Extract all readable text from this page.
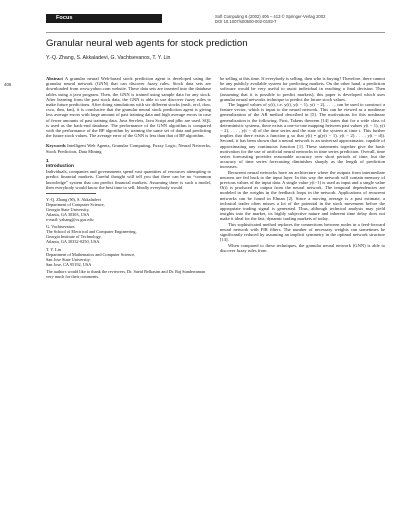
Focus	Soft Computing 6 (2002) 406 – 413 © Springer-Verlag 2002
DOI 10.1007/s00500-002-0193-7
Granular neural web agents for stock prediction
Y.-Q. Zhang, S. Akkaladevi, G. Vachtsevanos, T. Y. Lin
406

Abstract A granular neural Web-based stock prediction agent is developed using the granular neural network (GNN) that can discover fuzzy rules. Stock data sets are downloaded from www.yahoo.com website. These data sets are inserted into the database tables using a java program. Then, the GNN is trained using sample data for any stock. After learning from the past stock data, the GNN is able to use discover fuzzy rules to make future predictions. After doing simulations with six different stocks (msft, orcl, dow, csco, ibm, km), it is conclusive that the granular neural stock prediction agent is giving less average errors with large amount of past training data and high average errors in case of fewer amounts of past training data. Java Servlets, Java Script and jdbc are used. SQL is used as the back-end database. The performance of the GNN algorithm is compared with the performance of the BP algorithm by training the same set of data and predicting the future stock values. The average error of the GNN is less than that of BP algorithm.

Keywords Intelligent Web Agents, Granular Computing, Fuzzy Logic, Neural Networks, Stock Prediction, Data Mining

1
Introduction

Individuals, companies and governments spend vast quantities of resources attempting to predict financial markets. Careful thought will tell you that there can be no “common knowledge” system that can predict financial markets. Assuming there is such a model, then everybody would know the best time to sell. Ideally everybody would

Y.-Q. Zhang (✉), S. Akkaladevi
Department of Computer Science,
Georgia State University,
Atlanta, GA 30303, USA
e-mail: yzhang@cs.gsu.edu
G. Vachtsevanos
The School of Electrical and Computer Engineering,
Georgia Institute of Technology,
Atlanta, GA 30332-0250, USA
T. Y. Lin
Department of Mathematics and Computer Science,
San Jose State University,
San Jose, CA 95192, USA
The authors would like to thank the reviewers, Dr. Saeid Belkasim and Dr. Raj Sunderraman very much for their comments.

be selling at this time. If everybody is selling, then who is buying? Therefore, there cannot be any publicly available system for predicting markets. On the other hand, a prediction software would be very useful to assist individual in reaching a final decision. Then (assuming that it is possible to predict markets), this paper is developed which uses granular neural networks technique to predict the future stock values.

The lagged values of y(t), i.e. y(t), y(t − 1), y(t − 2), . . . , can be used to construct a feature vector, which is input to the neural network. This can be viewed as a nonlinear generalization of the AR method described in [5]. The motivations for this nonlinear generalization is the following. First, Takens theorem [14] states that for a wide class of deterministic systems, there exists a one-to-one mapping between past values y(t − 1), y(t − 2), . . . , y(t − d) of the time series and the state of the system at time t. This further implies that there exists a function g so that y(t) = g(y(t − 1), y(t − 2) . . . , y(t − d)). Second, it has been shown that a neural network is an universal approximator, capable of approximating any continuous function [1]. These statements together give the basic motivation for the use of artificial neural networks in time series prediction. Overall, time series forecasting provides reasonable accuracy over short periods of time, but the accuracy of time series forecasting diminishes sharply as the length of prediction increases.

Recurrent neural networks have an architecture where the outputs from intermediate neurons are fed back to the input layer. In this way the network will contain memory of previous values of the input data. A single value y(t−1) is used as input and a single value O(t) is produced as output from the neural network. The temporal dependencies are modeled in the weights in the feedback loops in the network. Applications of recurrent networks can be found in Elman [2]. Since a moving average is a past estimate, a technical trader often misses a lot of the potential in the stock movement before the appropriate trading signal is generated. Thus, although technical analysis may yield insights into the market, its highly subjective nature and inherent time delay does not make it ideal for the fast, dynamic trading markets of today.

This sophisticated method replaces the connections between nodes in a feed-forward neural network with FIR filters. The number of necessary weights can sometimes be significantly reduced by assuming an implicit symmetry in the optimal network structure [13].

When compared to these techniques, the granular neural network (GNN) is able to discover fuzzy rules from
